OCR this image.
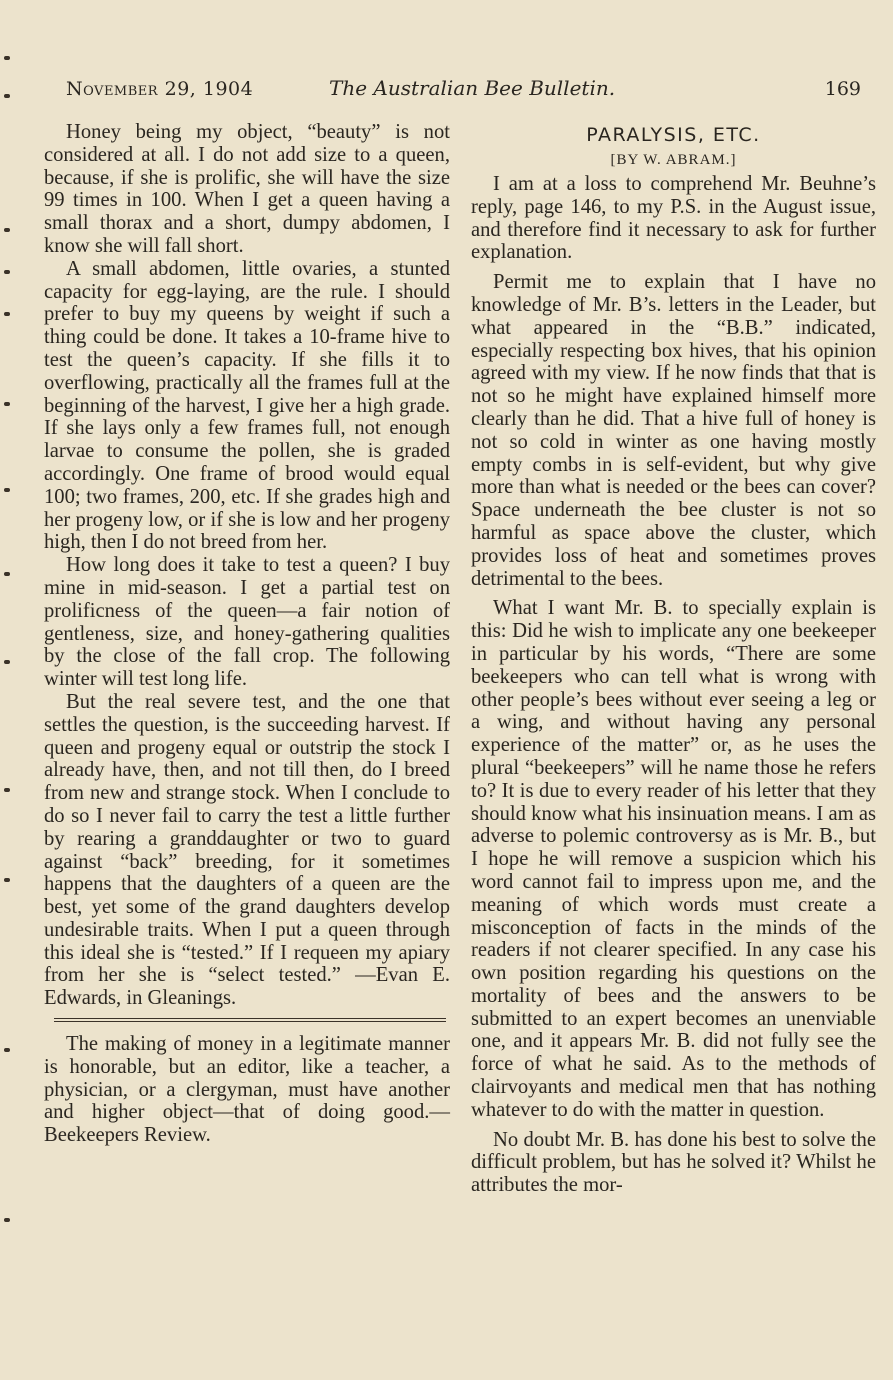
November 29, 1904	The Australian Bee Bulletin.	169

Honey being my object, “beauty” is not considered at all. I do not add size to a queen, because, if she is prolific, she will have the size 99 times in 100. When I get a queen having a small thorax and a short, dumpy abdomen, I know she will fall short.

A small abdomen, little ovaries, a stunted capacity for egg-laying, are the rule. I should prefer to buy my queens by weight if such a thing could be done. It takes a 10-frame hive to test the queen’s capacity. If she fills it to overflowing, practically all the frames full at the beginning of the harvest, I give her a high grade. If she lays only a few frames full, not enough larvae to consume the pollen, she is graded accordingly. One frame of brood would equal 100; two frames, 200, etc. If she grades high and her progeny low, or if she is low and her progeny high, then I do not breed from her.

How long does it take to test a queen? I buy mine in mid-season. I get a partial test on prolificness of the queen—a fair notion of gentleness, size, and honey-gathering qualities by the close of the fall crop. The following winter will test long life.

But the real severe test, and the one that settles the question, is the succeeding harvest. If queen and progeny equal or outstrip the stock I already have, then, and not till then, do I breed from new and strange stock. When I conclude to do so I never fail to carry the test a little further by rearing a granddaughter or two to guard against “back” breeding, for it sometimes happens that the daughters of a queen are the best, yet some of the grand daughters develop undesirable traits. When I put a queen through this ideal she is “tested.” If I requeen my apiary from her she is “select tested.” —Evan E. Edwards, in Gleanings.

The making of money in a legitimate manner is honorable, but an editor, like a teacher, a physician, or a clergyman, must have another and higher object—that of doing good.—Beekeepers Review.

PARALYSIS, ETC.
[BY W. ABRAM.]

I am at a loss to comprehend Mr. Beuhne’s reply, page 146, to my P.S. in the August issue, and therefore find it necessary to ask for further explanation.

Permit me to explain that I have no knowledge of Mr. B’s. letters in the Leader, but what appeared in the “B.B.” indicated, especially respecting box hives, that his opinion agreed with my view. If he now finds that that is not so he might have explained himself more clearly than he did. That a hive full of honey is not so cold in winter as one having mostly empty combs in is self-evident, but why give more than what is needed or the bees can cover? Space underneath the bee cluster is not so harmful as space above the cluster, which provides loss of heat and sometimes proves detrimental to the bees.

What I want Mr. B. to specially explain is this: Did he wish to implicate any one beekeeper in particular by his words, “There are some beekeepers who can tell what is wrong with other people’s bees without ever seeing a leg or a wing, and without having any personal experience of the matter” or, as he uses the plural “beekeepers” will he name those he refers to? It is due to every reader of his letter that they should know what his insinuation means. I am as adverse to polemic controversy as is Mr. B., but I hope he will remove a suspicion which his word cannot fail to impress upon me, and the meaning of which words must create a misconception of facts in the minds of the readers if not clearer specified. In any case his own position regarding his questions on the mortality of bees and the answers to be submitted to an expert becomes an unenviable one, and it appears Mr. B. did not fully see the force of what he said. As to the methods of clairvoyants and medical men that has nothing whatever to do with the matter in question.

No doubt Mr. B. has done his best to solve the difficult problem, but has he solved it? Whilst he attributes the mor-
